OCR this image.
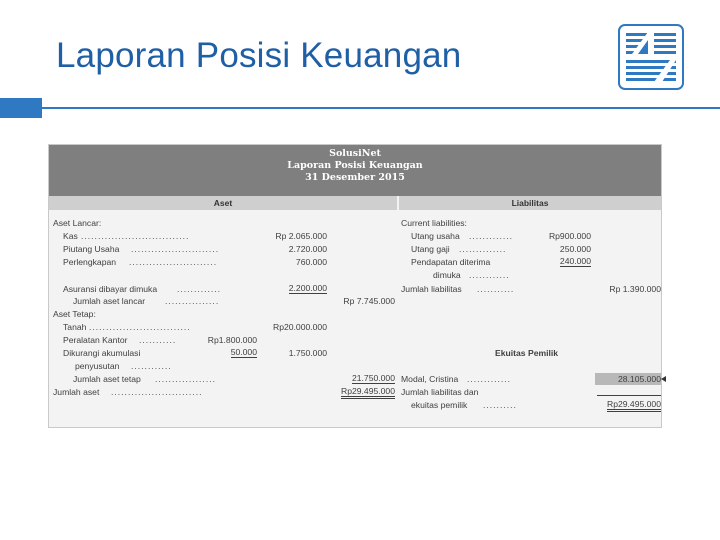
Laporan Posisi Keuangan
SolusiNet
Laporan Posisi Keuangan
31 Desember 2015
Aset	Liabilitas
Aset Lancar:
Kas ................................	Rp 2.065.000
Piutang Usaha ..........................	2.720.000
Perlengkapan ..........................	760.000
Asuransi dibayar dimuka .............	2.200.000
Jumlah aset lancar ................	Rp 7.745.000
Aset Tetap:
Tanah ..............................	Rp20.000.000
Peralatan Kantor ...........	Rp1.800.000
Dikurangi akumulasi	50.000	1.750.000
penyusutan ............
Jumlah aset tetap ..................	21.750.000
Jumlah aset ...........................	Rp29.495.000
Current liabilities:
Utang usaha .............	Rp900.000
Utang gaji ..............	250.000
Pendapatan diterima	240.000
dimuka ............
Jumlah liabilitas ...........	Rp 1.390.000
Ekuitas Pemilik
Modal, Cristina .............	28.105.000
Jumlah liabilitas dan
ekuitas pemilik ..........	Rp29.495.000
